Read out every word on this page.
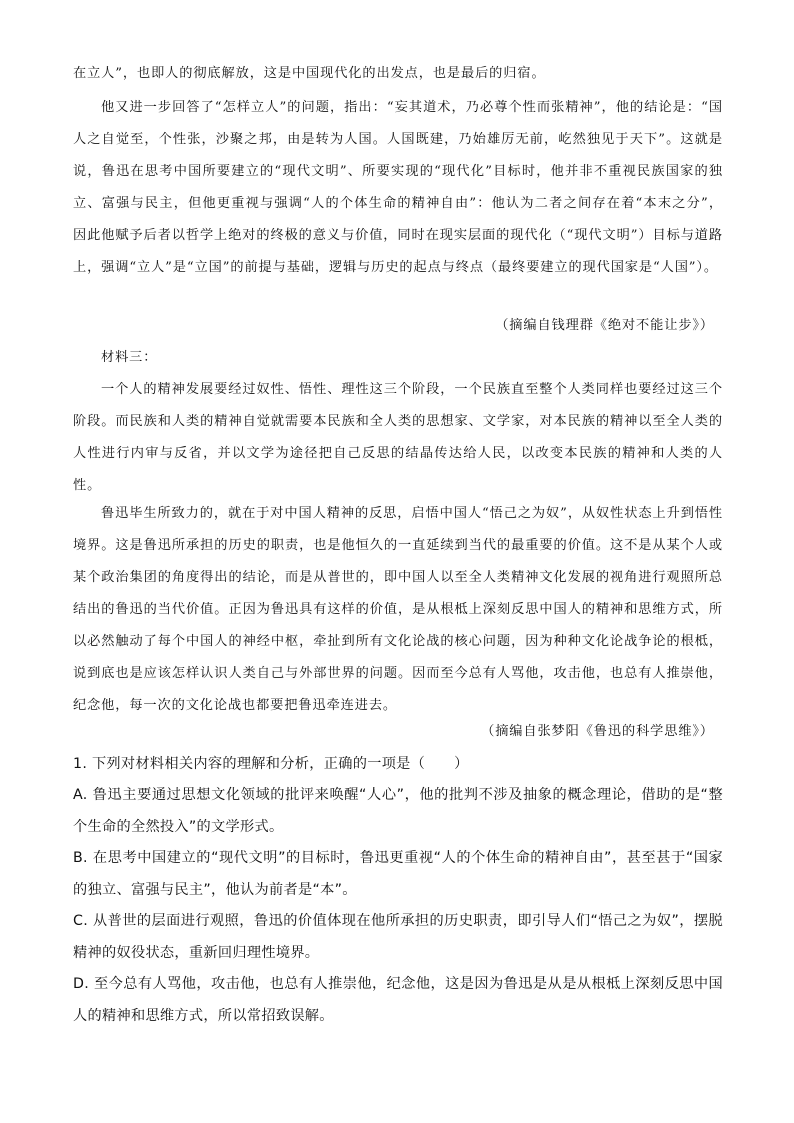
在立人”，也即人的彻底解放，这是中国现代化的出发点，也是最后的归宿。

他又进一步回答了“怎样立人”的问题，指出：“妄其道术，乃必尊个性而张精神”，他的结论是：“国人之自觉至，个性张，沙聚之邦，由是转为人国。人国既建，乃始雄厉无前，屹然独见于天下”。这就是说，鲁迅在思考中国所要建立的“现代文明”、所要实现的“现代化”目标时，他并非不重视民族国家的独立、富强与民主，但他更重视与强调“人的个体生命的精神自由”：他认为二者之间存在着“本末之分”，因此他赋予后者以哲学上绝对的终极的意义与价值，同时在现实层面的现代化（“现代文明”）目标与道路上，强调“立人”是“立国”的前提与基础，逻辑与历史的起点与终点（最终要建立的现代国家是“人国”）。

（摘编自钱理群《绝对不能让步》）

材料三：

一个人的精神发展要经过奴性、悟性、理性这三个阶段，一个民族直至整个人类同样也要经过这三个阶段。而民族和人类的精神自觉就需要本民族和全人类的思想家、文学家，对本民族的精神以至全人类的人性进行内审与反省，并以文学为途径把自己反思的结晶传达给人民，以改变本民族的精神和人类的人性。

鲁迅毕生所致力的，就在于对中国人精神的反思，启悟中国人“悟己之为奴”，从奴性状态上升到悟性境界。这是鲁迅所承担的历史的职责，也是他恒久的一直延续到当代的最重要的价值。这不是从某个人或某个政治集团的角度得出的结论，而是从普世的，即中国人以至全人类精神文化发展的视角进行观照所总结出的鲁迅的当代价值。正因为鲁迅具有这样的价值，是从根柢上深刻反思中国人的精神和思维方式，所以必然触动了每个中国人的神经中枢，牵扯到所有文化论战的核心问题，因为种种文化论战争论的根柢，说到底也是应该怎样认识人类自己与外部世界的问题。因而至今总有人骂他，攻击他，也总有人推崇他，纪念他，每一次的文化论战也都要把鲁迅牵连进去。

（摘编自张梦阳《鲁迅的科学思维》）

1. 下列对材料相关内容的理解和分析，正确的一项是（　　）

A. 鲁迅主要通过思想文化领域的批评来唤醒“人心”，他的批判不涉及抽象的概念理论，借助的是“整个生命的全然投入”的文学形式。

B. 在思考中国建立的“现代文明”的目标时，鲁迅更重视“人的个体生命的精神自由”，甚至甚于“国家的独立、富强与民主”，他认为前者是“本”。

C. 从普世的层面进行观照，鲁迅的价值体现在他所承担的历史职责，即引导人们“悟己之为奴”，摆脱精神的奴役状态，重新回归理性境界。

D. 至今总有人骂他，攻击他，也总有人推崇他，纪念他，这是因为鲁迅是从是从根柢上深刻反思中国人的精神和思维方式，所以常招致误解。
